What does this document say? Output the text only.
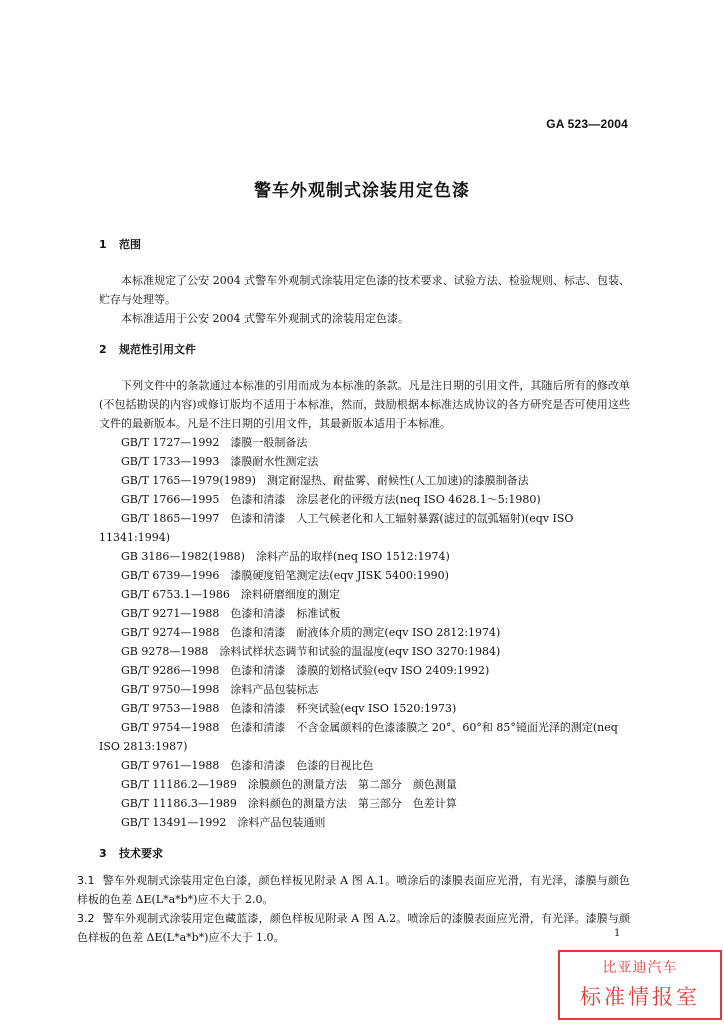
GA 523—2004
警车外观制式涂装用定色漆
1 范围

本标准规定了公安 2004 式警车外观制式涂装用定色漆的技术要求、试验方法、检验规则、标志、包装、贮存与处理等。

本标准适用于公安 2004 式警车外观制式的涂装用定色漆。

2 规范性引用文件

下列文件中的条款通过本标准的引用而成为本标准的条款。凡是注日期的引用文件，其随后所有的修改单(不包括勘误的内容)或修订版均不适用于本标准，然而，鼓励根据本标准达成协议的各方研究是否可使用这些文件的最新版本。凡是不注日期的引用文件，其最新版本适用于本标准。

GB/T 1727—1992　 漆膜一般制备法

GB/T 1733—1993　 漆膜耐水性测定法

GB/T 1765—1979(1989)　 测定耐湿热、耐盐雾、耐候性(人工加速)的漆膜制备法

GB/T 1766—1995　 色漆和清漆　涂层老化的评级方法(neq ISO 4628.1～5:1980)

GB/T 1865—1997　 色漆和清漆　人工气候老化和人工辐射暴露(滤过的氙弧辐射)(eqv ISO
11341:1994)

GB 3186—1982(1988)　 涂料产品的取样(neq ISO 1512:1974)

GB/T 6739—1996　 漆膜硬度铅笔测定法(eqv JISK 5400:1990)

GB/T 6753.1—1986　 涂料研磨细度的测定

GB/T 9271—1988　 色漆和清漆　标准试板

GB/T 9274—1988　 色漆和清漆　耐液体介质的测定(eqv ISO 2812:1974)

GB 9278—1988　 涂料试样状态调节和试验的温湿度(eqv ISO 3270:1984)

GB/T 9286—1998　 色漆和清漆　漆膜的划格试验(eqv ISO 2409:1992)

GB/T 9750—1998　 涂料产品包装标志

GB/T 9753—1988　 色漆和清漆　杯突试验(eqv ISO 1520:1973)

GB/T 9754—1988　 色漆和清漆　不含金属颜料的色漆漆膜之 20°、60°和 85°镜面光泽的测定(neq
ISO 2813:1987)

GB/T 9761—1988　 色漆和清漆　色漆的目视比色

GB/T 11186.2—1989　 涂膜颜色的测量方法　第二部分　颜色测量

GB/T 11186.3—1989　 涂料颜色的测量方法　第三部分　色差计算

GB/T 13491—1992　 涂料产品包装通则

3 技术要求

3.1 警车外观制式涂装用定色白漆，颜色样板见附录 A 图 A.1。喷涂后的漆膜表面应光滑，有光泽，漆膜与颜色样板的色差 ΔE(L*a*b*)应不大于 2.0。

3.2 警车外观制式涂装用定色藏蓝漆，颜色样板见附录 A 图 A.2。喷涂后的漆膜表面应光滑，有光泽。漆膜与颜色样板的色差 ΔE(L*a*b*)应不大于 1.0。	1
比亚迪汽车
标准情报室
